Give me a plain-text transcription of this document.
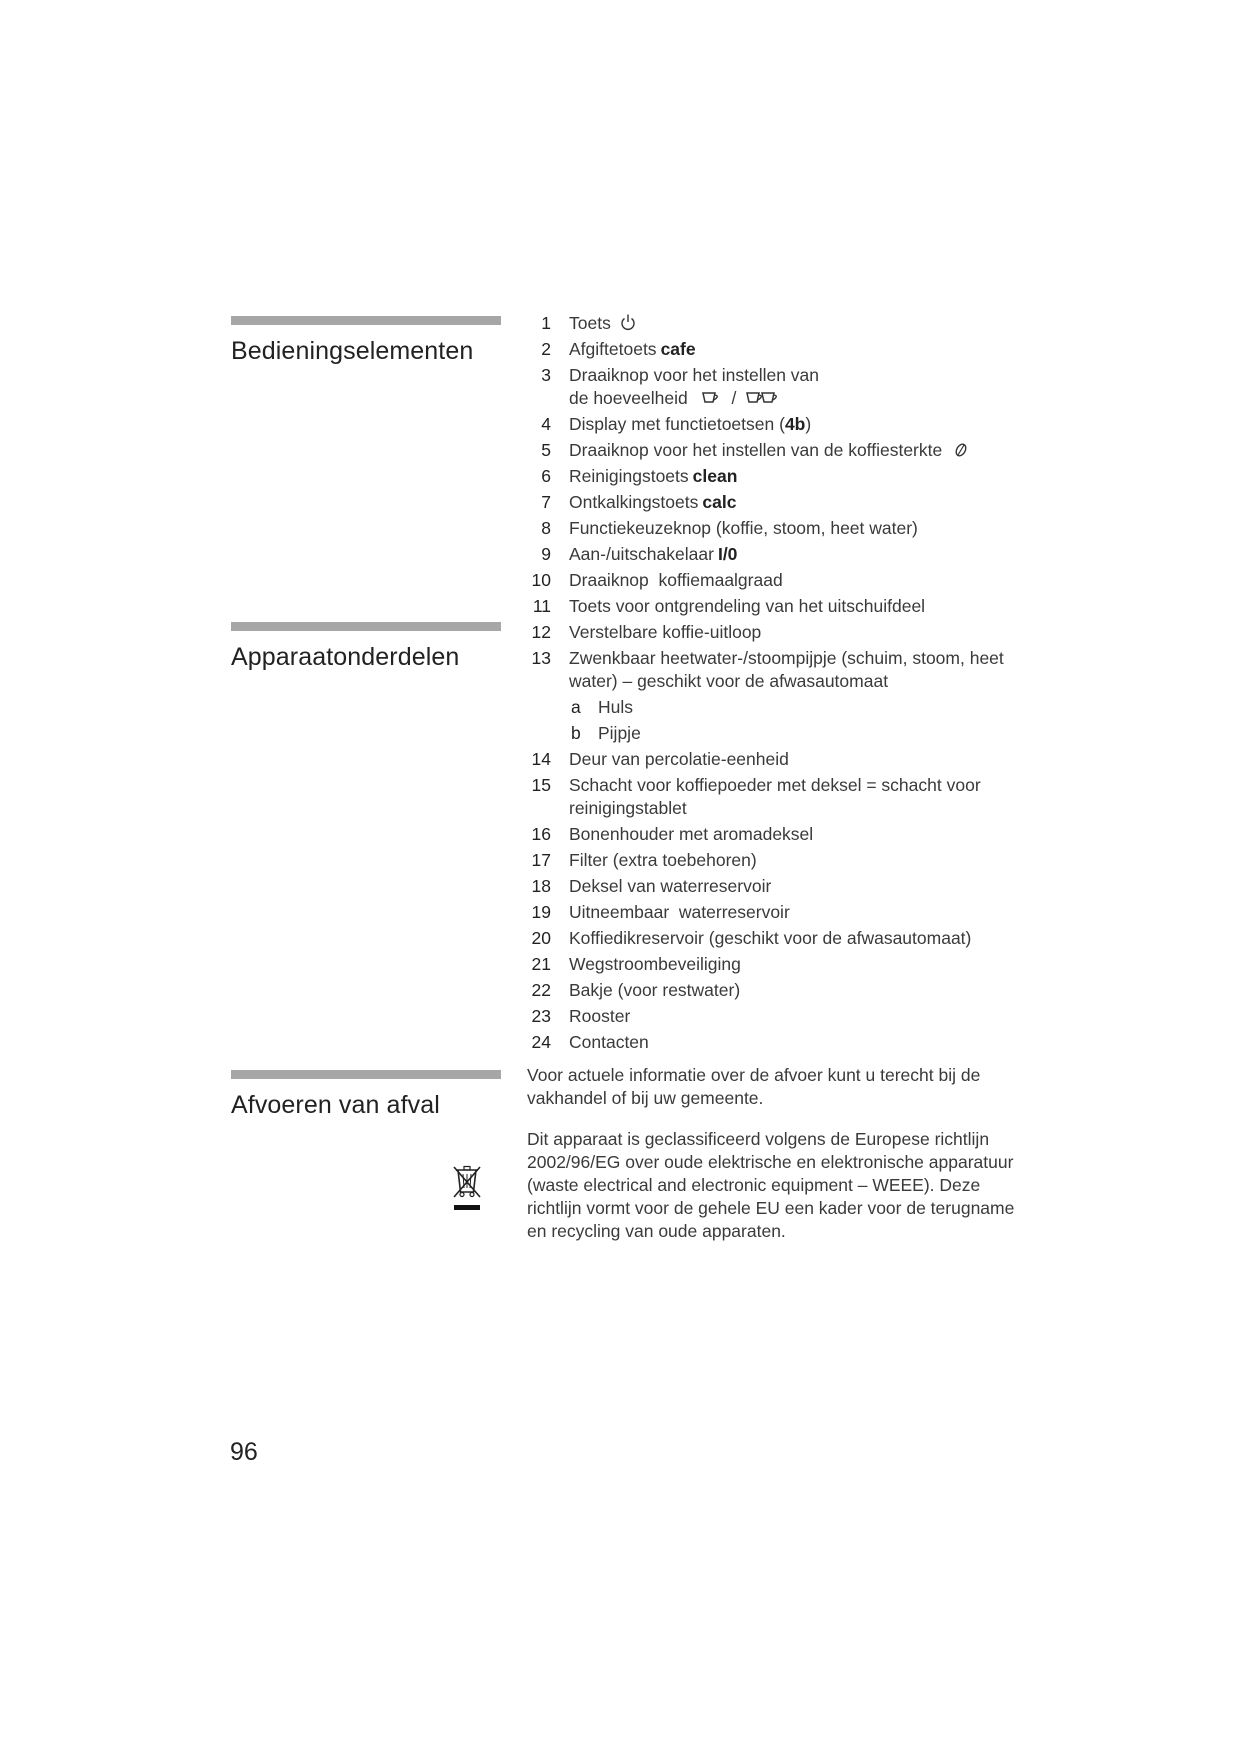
Bedieningselementen
Apparaatonderdelen
Afvoeren van afval
1	Toets
2	Afgiftetoets cafe
3	Draaiknop voor het instellen van
de hoeveelheid	/
4	Display met functietoetsen (4b)
5	Draaiknop voor het instellen van de koffiesterkte
6	Reinigingstoets clean
7	Ontkalkingstoets calc
8	Functiekeuzeknop (koffie, stoom, heet water)
9	Aan-/uitschakelaar I/0
10	Draaiknop  koffiemaalgraad
11	Toets voor ontgrendeling van het uitschuifdeel
12	Verstelbare koffie-uitloop
13	Zwenkbaar heetwater-/stoompijpje (schuim, stoom, heet water) – geschikt voor de afwasautomaat
a Huls
b Pijpje
14	Deur van percolatie-eenheid
15	Schacht voor koffiepoeder met deksel = schacht voor reinigingstablet
16	Bonenhouder met aromadeksel
17	Filter (extra toebehoren)
18	Deksel van waterreservoir
19	Uitneembaar  waterreservoir
20	Koffiedikreservoir (geschikt voor de afwasautomaat)
21	Wegstroombeveiliging
22	Bakje (voor restwater)
23	Rooster
24	Contacten

Voor actuele informatie over de afvoer kunt u terecht bij de vakhandel of bij uw gemeente.

Dit apparaat is geclassificeerd volgens de Europese richtlijn 2002/96/EG over oude elektrische en elektronische apparatuur (waste electrical and electronic equipment – WEEE). Deze richtlijn vormt voor de gehele EU een kader voor de terugname en recycling van oude apparaten.

96
